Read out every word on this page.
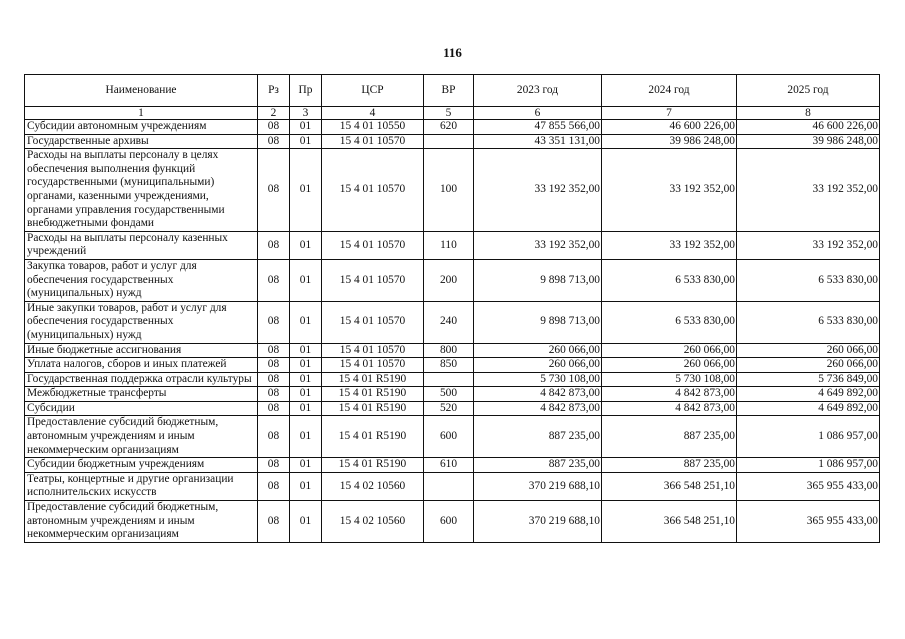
116
Наименование	Рз	Пр	ЦСР	ВР	2023 год	2024 год	2025 год
1	2	3	4	5	6	7	8
Субсидии автономным учреждениям	08	01	15 4 01 10550	620	47 855 566,00	46 600 226,00	46 600 226,00
Государственные архивы	08	01	15 4 01 10570		43 351 131,00	39 986 248,00	39 986 248,00
Расходы на выплаты персоналу в целях обеспечения выполнения функций государственными (муниципальными) органами, казенными учреждениями, органами управления государственными внебюджетными фондами	08	01	15 4 01 10570	100	33 192 352,00	33 192 352,00	33 192 352,00
Расходы на выплаты персоналу казенных учреждений	08	01	15 4 01 10570	110	33 192 352,00	33 192 352,00	33 192 352,00
Закупка товаров, работ и услуг для обеспечения государственных (муниципальных) нужд	08	01	15 4 01 10570	200	9 898 713,00	6 533 830,00	6 533 830,00
Иные закупки товаров, работ и услуг для обеспечения государственных (муниципальных) нужд	08	01	15 4 01 10570	240	9 898 713,00	6 533 830,00	6 533 830,00
Иные бюджетные ассигнования	08	01	15 4 01 10570	800	260 066,00	260 066,00	260 066,00
Уплата налогов, сборов и иных платежей	08	01	15 4 01 10570	850	260 066,00	260 066,00	260 066,00
Государственная поддержка отрасли культуры	08	01	15 4 01 R5190		5 730 108,00	5 730 108,00	5 736 849,00
Межбюджетные трансферты	08	01	15 4 01 R5190	500	4 842 873,00	4 842 873,00	4 649 892,00
Субсидии	08	01	15 4 01 R5190	520	4 842 873,00	4 842 873,00	4 649 892,00
Предоставление субсидий бюджетным, автономным учреждениям и иным некоммерческим организациям	08	01	15 4 01 R5190	600	887 235,00	887 235,00	1 086 957,00
Субсидии бюджетным учреждениям	08	01	15 4 01 R5190	610	887 235,00	887 235,00	1 086 957,00
Театры, концертные и другие организации исполнительских искусств	08	01	15 4 02 10560		370 219 688,10	366 548 251,10	365 955 433,00
Предоставление субсидий бюджетным, автономным учреждениям и иным некоммерческим организациям	08	01	15 4 02 10560	600	370 219 688,10	366 548 251,10	365 955 433,00
